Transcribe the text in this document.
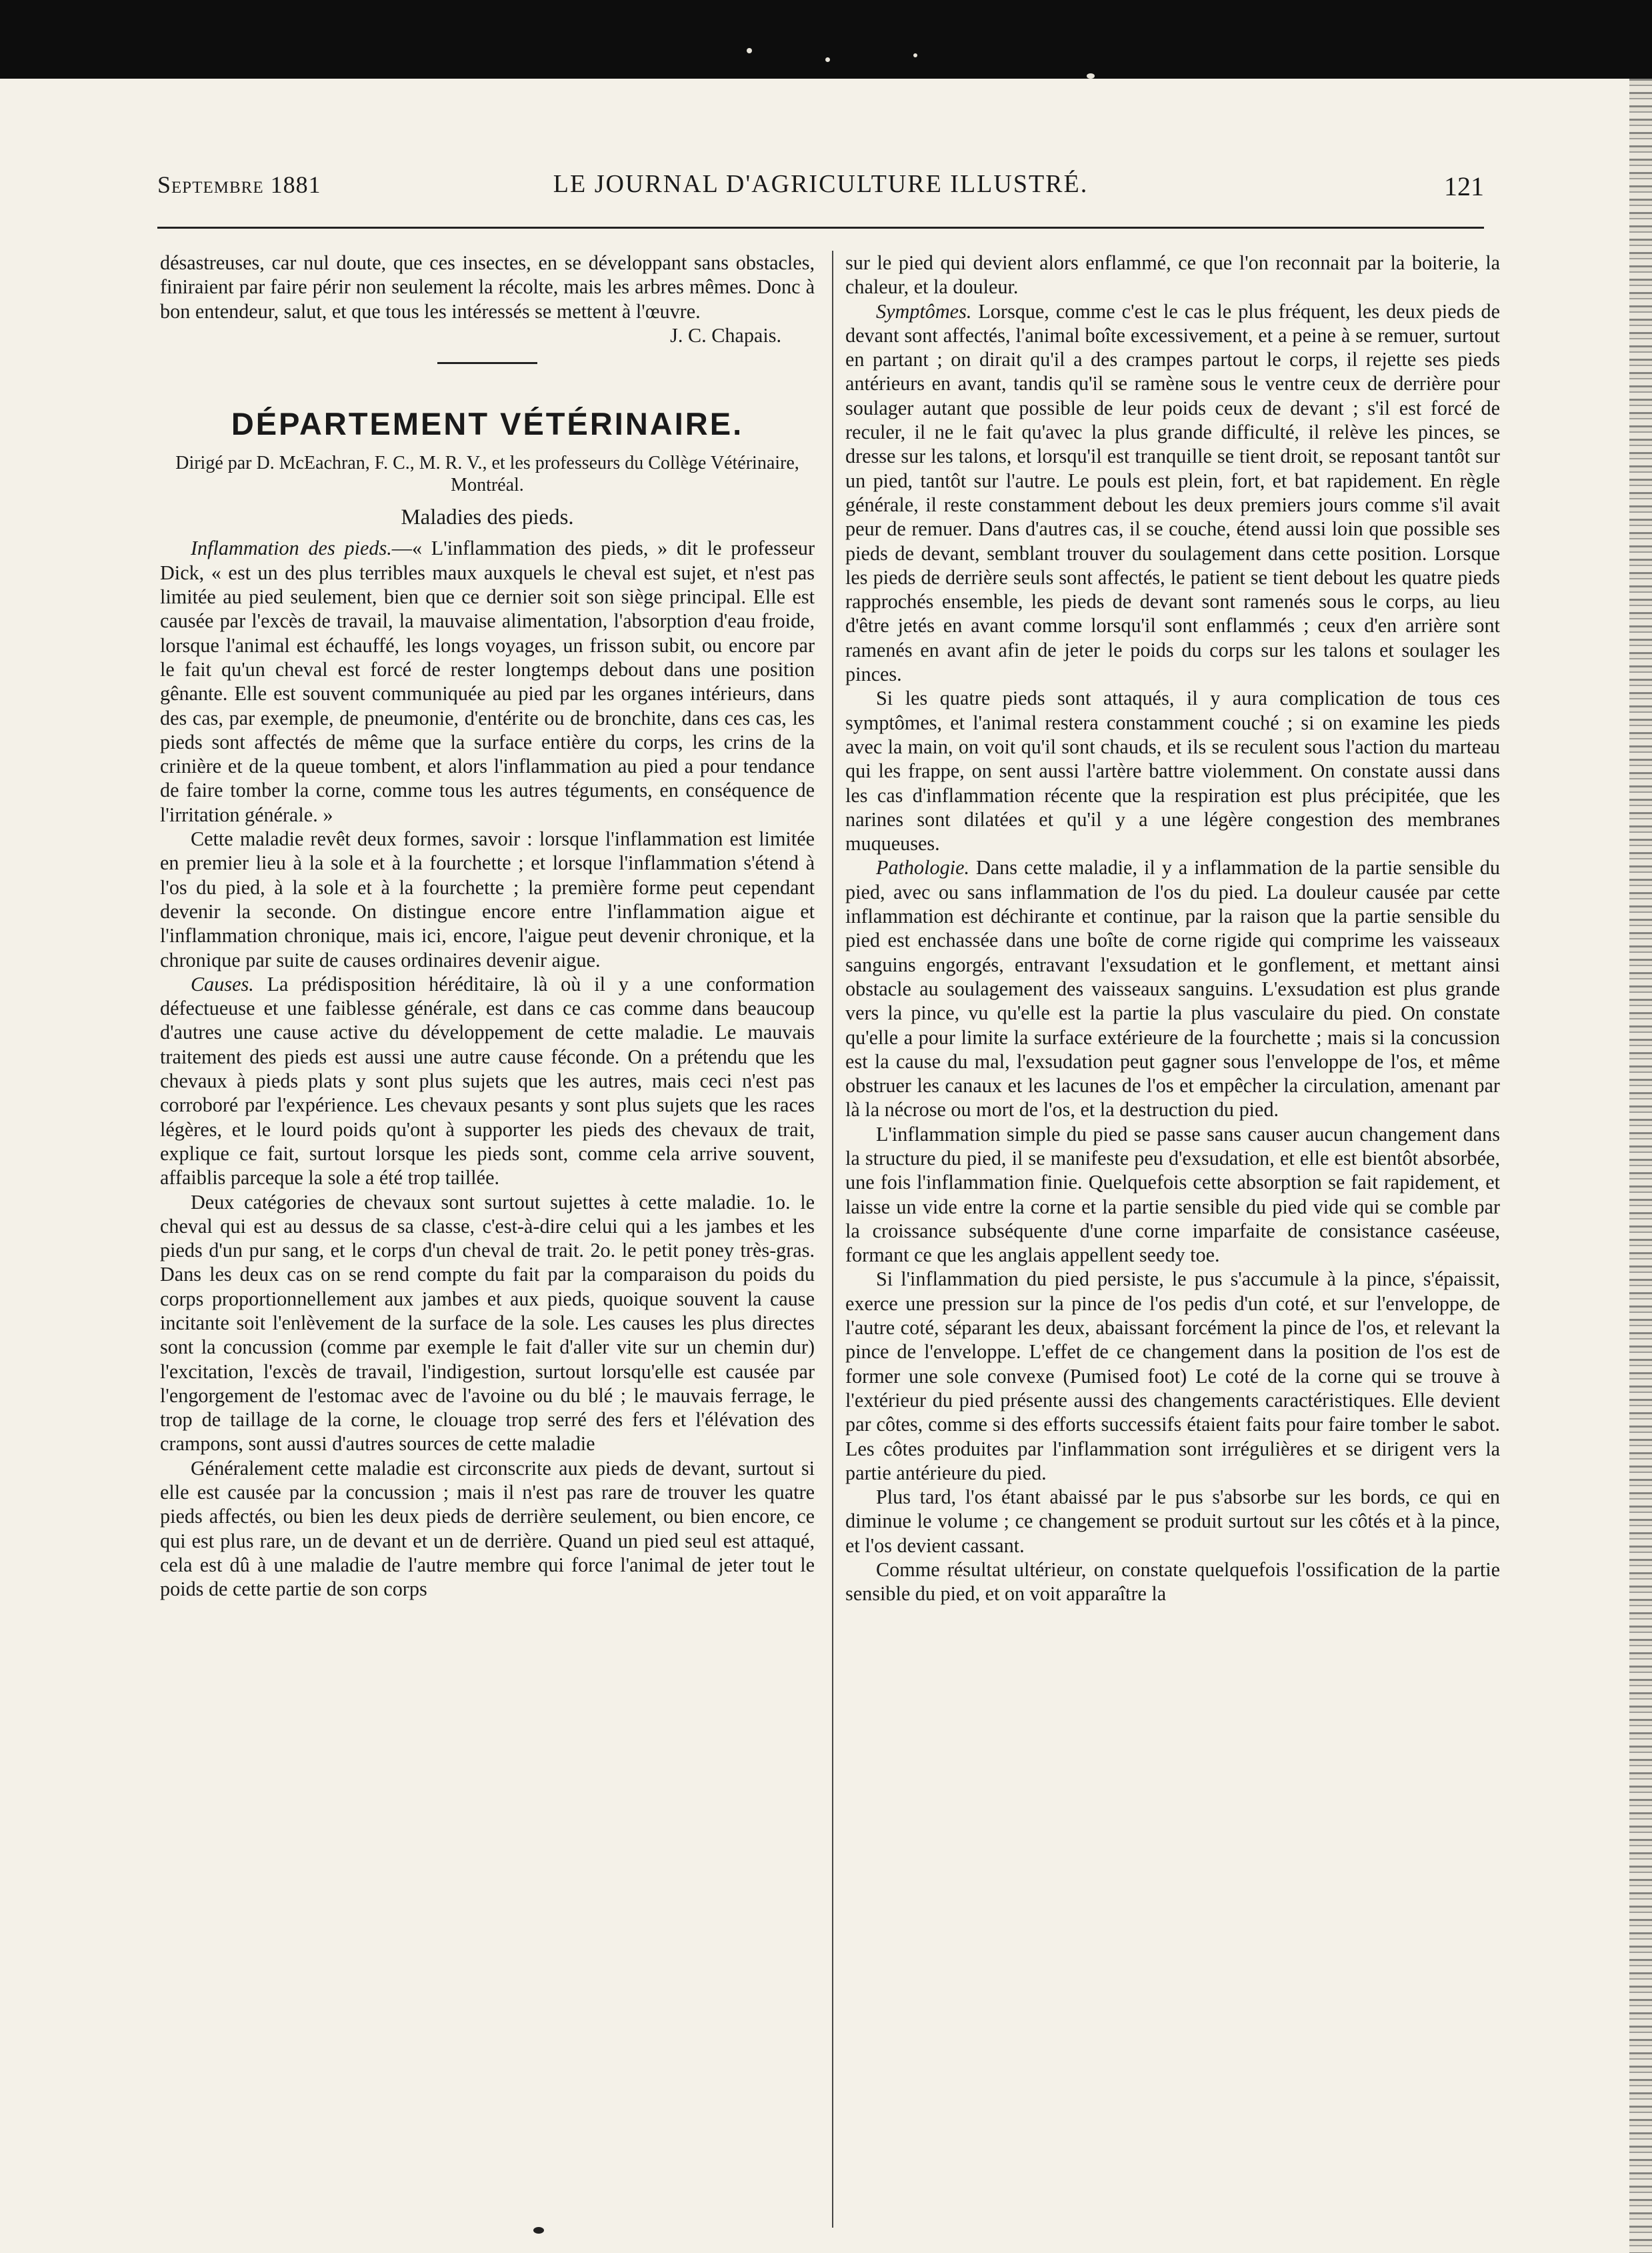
Septembre 1881	LE JOURNAL D'AGRICULTURE ILLUSTRÉ.	121

désastreuses, car nul doute, que ces insectes, en se développant sans obstacles, finiraient par faire périr non seulement la récolte, mais les arbres mêmes. Donc à bon entendeur, salut, et que tous les intéressés se mettent à l'œuvre.

J. C. Chapais.

DÉPARTEMENT VÉTÉRINAIRE.
Dirigé par D. McEachran, F. C., M. R. V., et les professeurs du Collège Vétérinaire, Montréal.
Maladies des pieds.

Inflammation des pieds.—« L'inflammation des pieds, » dit le professeur Dick, « est un des plus terribles maux auxquels le cheval est sujet, et n'est pas limitée au pied seulement, bien que ce dernier soit son siège principal. Elle est causée par l'excès de travail, la mauvaise alimentation, l'absorption d'eau froide, lorsque l'animal est échauffé, les longs voyages, un frisson subit, ou encore par le fait qu'un cheval est forcé de rester longtemps debout dans une position gênante. Elle est souvent communiquée au pied par les organes intérieurs, dans des cas, par exemple, de pneumonie, d'entérite ou de bronchite, dans ces cas, les pieds sont affectés de même que la surface entière du corps, les crins de la crinière et de la queue tombent, et alors l'inflammation au pied a pour tendance de faire tomber la corne, comme tous les autres téguments, en conséquence de l'irritation générale. »

Cette maladie revêt deux formes, savoir : lorsque l'inflammation est limitée en premier lieu à la sole et à la fourchette ; et lorsque l'inflammation s'étend à l'os du pied, à la sole et à la fourchette ; la première forme peut cependant devenir la seconde. On distingue encore entre l'inflammation aigue et l'inflammation chronique, mais ici, encore, l'aigue peut devenir chronique, et la chronique par suite de causes ordinaires devenir aigue.

Causes. La prédisposition héréditaire, là où il y a une conformation défectueuse et une faiblesse générale, est dans ce cas comme dans beaucoup d'autres une cause active du développement de cette maladie. Le mauvais traitement des pieds est aussi une autre cause féconde. On a prétendu que les chevaux à pieds plats y sont plus sujets que les autres, mais ceci n'est pas corroboré par l'expérience. Les chevaux pesants y sont plus sujets que les races légères, et le lourd poids qu'ont à supporter les pieds des chevaux de trait, explique ce fait, surtout lorsque les pieds sont, comme cela arrive souvent, affaiblis parceque la sole a été trop taillée.

Deux catégories de chevaux sont surtout sujettes à cette maladie. 1o. le cheval qui est au dessus de sa classe, c'est-à-dire celui qui a les jambes et les pieds d'un pur sang, et le corps d'un cheval de trait. 2o. le petit poney très-gras. Dans les deux cas on se rend compte du fait par la comparaison du poids du corps proportionnellement aux jambes et aux pieds, quoique souvent la cause incitante soit l'enlèvement de la surface de la sole. Les causes les plus directes sont la concussion (comme par exemple le fait d'aller vite sur un chemin dur) l'excitation, l'excès de travail, l'indigestion, surtout lorsqu'elle est causée par l'engorgement de l'estomac avec de l'avoine ou du blé ; le mauvais ferrage, le trop de taillage de la corne, le clouage trop serré des fers et l'élévation des crampons, sont aussi d'autres sources de cette maladie

Généralement cette maladie est circonscrite aux pieds de devant, surtout si elle est causée par la concussion ; mais il n'est pas rare de trouver les quatre pieds affectés, ou bien les deux pieds de derrière seulement, ou bien encore, ce qui est plus rare, un de devant et un de derrière. Quand un pied seul est attaqué, cela est dû à une maladie de l'autre membre qui force l'animal de jeter tout le poids de cette partie de son corps

sur le pied qui devient alors enflammé, ce que l'on reconnait par la boiterie, la chaleur, et la douleur.

Symptômes. Lorsque, comme c'est le cas le plus fréquent, les deux pieds de devant sont affectés, l'animal boîte excessivement, et a peine à se remuer, surtout en partant ; on dirait qu'il a des crampes partout le corps, il rejette ses pieds antérieurs en avant, tandis qu'il se ramène sous le ventre ceux de derrière pour soulager autant que possible de leur poids ceux de devant ; s'il est forcé de reculer, il ne le fait qu'avec la plus grande difficulté, il relève les pinces, se dresse sur les talons, et lorsqu'il est tranquille se tient droit, se reposant tantôt sur un pied, tantôt sur l'autre. Le pouls est plein, fort, et bat rapidement. En règle générale, il reste constamment debout les deux premiers jours comme s'il avait peur de remuer. Dans d'autres cas, il se couche, étend aussi loin que possible ses pieds de devant, semblant trouver du soulagement dans cette position. Lorsque les pieds de derrière seuls sont affectés, le patient se tient debout les quatre pieds rapprochés ensemble, les pieds de devant sont ramenés sous le corps, au lieu d'être jetés en avant comme lorsqu'il sont enflammés ; ceux d'en arrière sont ramenés en avant afin de jeter le poids du corps sur les talons et soulager les pinces.

Si les quatre pieds sont attaqués, il y aura complication de tous ces symptômes, et l'animal restera constamment couché ; si on examine les pieds avec la main, on voit qu'il sont chauds, et ils se reculent sous l'action du marteau qui les frappe, on sent aussi l'artère battre violemment. On constate aussi dans les cas d'inflammation récente que la respiration est plus précipitée, que les narines sont dilatées et qu'il y a une légère congestion des membranes muqueuses.

Pathologie. Dans cette maladie, il y a inflammation de la partie sensible du pied, avec ou sans inflammation de l'os du pied. La douleur causée par cette inflammation est déchirante et continue, par la raison que la partie sensible du pied est enchassée dans une boîte de corne rigide qui comprime les vaisseaux sanguins engorgés, entravant l'exsudation et le gonflement, et mettant ainsi obstacle au soulagement des vaisseaux sanguins. L'exsudation est plus grande vers la pince, vu qu'elle est la partie la plus vasculaire du pied. On constate qu'elle a pour limite la surface extérieure de la fourchette ; mais si la concussion est la cause du mal, l'exsudation peut gagner sous l'enveloppe de l'os, et même obstruer les canaux et les lacunes de l'os et empêcher la circulation, amenant par là la nécrose ou mort de l'os, et la destruction du pied.

L'inflammation simple du pied se passe sans causer aucun changement dans la structure du pied, il se manifeste peu d'exsudation, et elle est bientôt absorbée, une fois l'inflammation finie. Quelquefois cette absorption se fait rapidement, et laisse un vide entre la corne et la partie sensible du pied vide qui se comble par la croissance subséquente d'une corne imparfaite de consistance caséeuse, formant ce que les anglais appellent seedy toe.

Si l'inflammation du pied persiste, le pus s'accumule à la pince, s'épaissit, exerce une pression sur la pince de l'os pedis d'un coté, et sur l'enveloppe, de l'autre coté, séparant les deux, abaissant forcément la pince de l'os, et relevant la pince de l'enveloppe. L'effet de ce changement dans la position de l'os est de former une sole convexe (Pumised foot) Le coté de la corne qui se trouve à l'extérieur du pied présente aussi des changements caractéristiques. Elle devient par côtes, comme si des efforts successifs étaient faits pour faire tomber le sabot. Les côtes produites par l'inflammation sont irrégulières et se dirigent vers la partie antérieure du pied.

Plus tard, l'os étant abaissé par le pus s'absorbe sur les bords, ce qui en diminue le volume ; ce changement se produit surtout sur les côtés et à la pince, et l'os devient cassant.

Comme résultat ultérieur, on constate quelquefois l'ossification de la partie sensible du pied, et on voit apparaître la
